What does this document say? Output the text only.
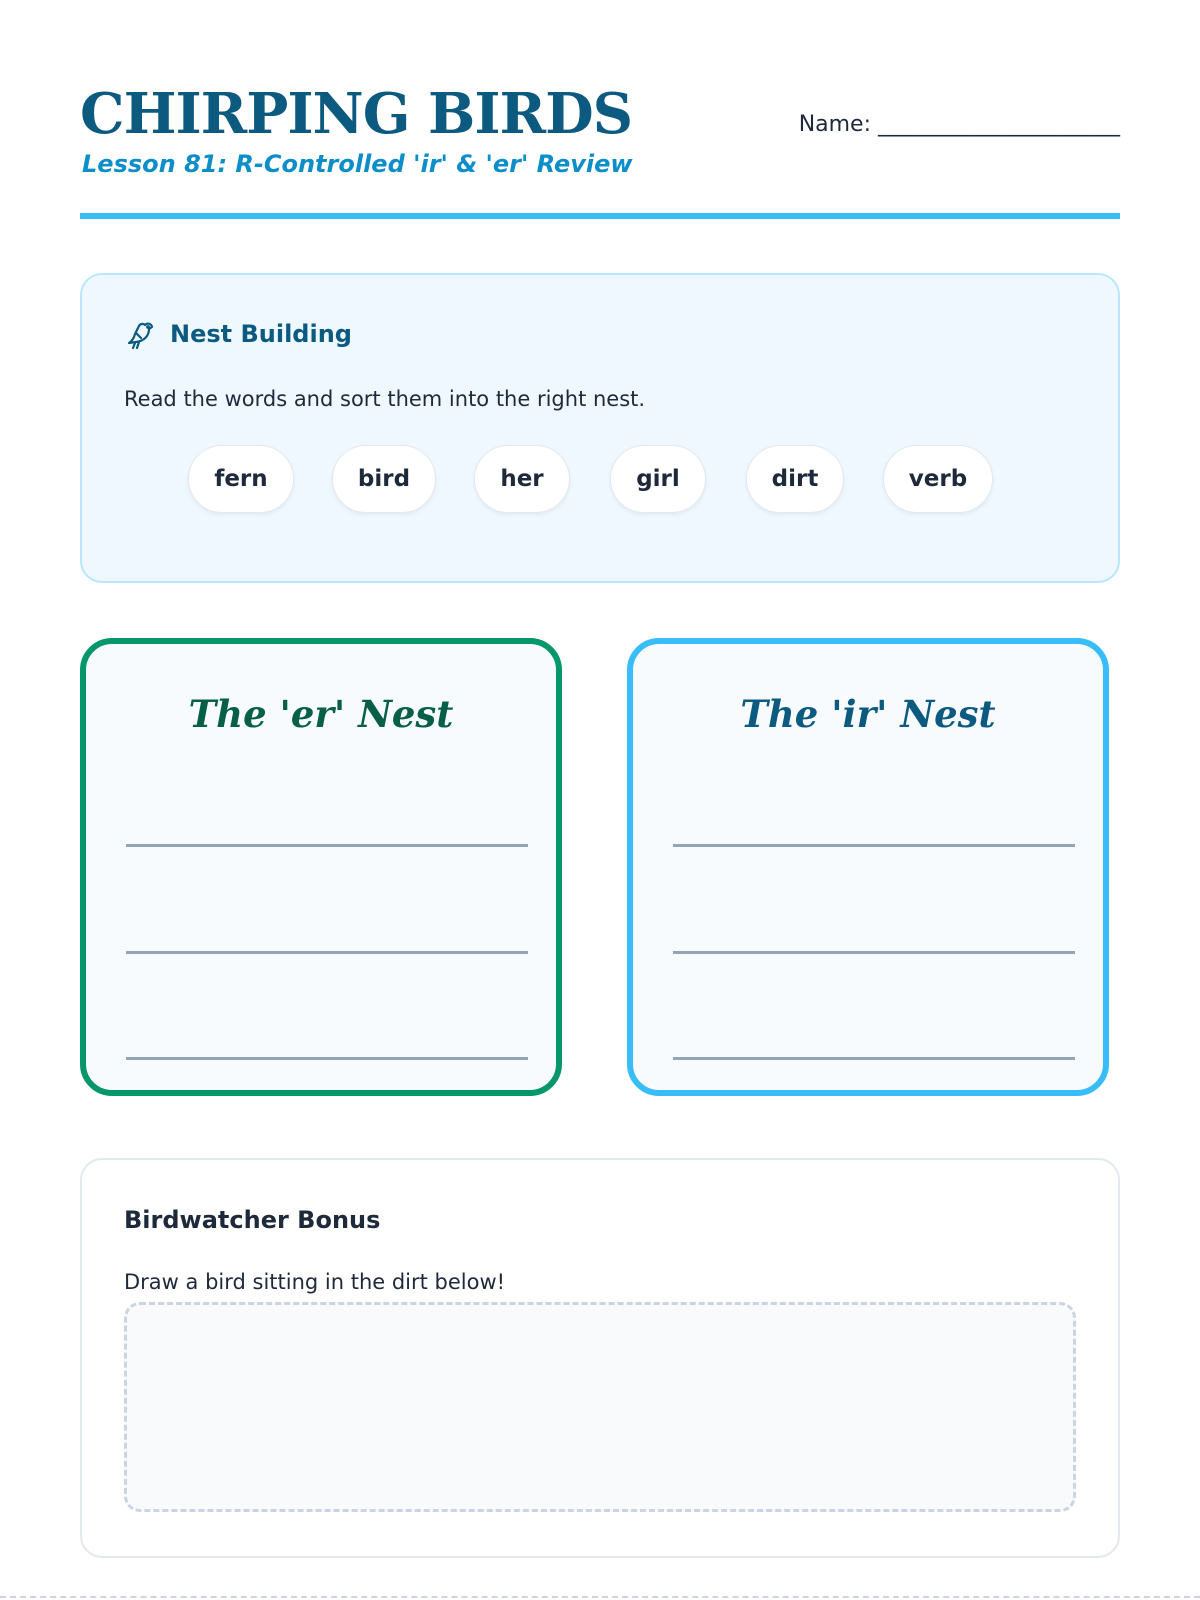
CHIRPING BIRDS
Lesson 81: R-Controlled 'ir' & 'er' Review
Name: ______________________
Nest Building
Read the words and sort them into the right nest.
fern	bird	her	girl	dirt	verb
The 'er' Nest	The 'ir' Nest
Birdwatcher Bonus
Draw a bird sitting in the dirt below!
